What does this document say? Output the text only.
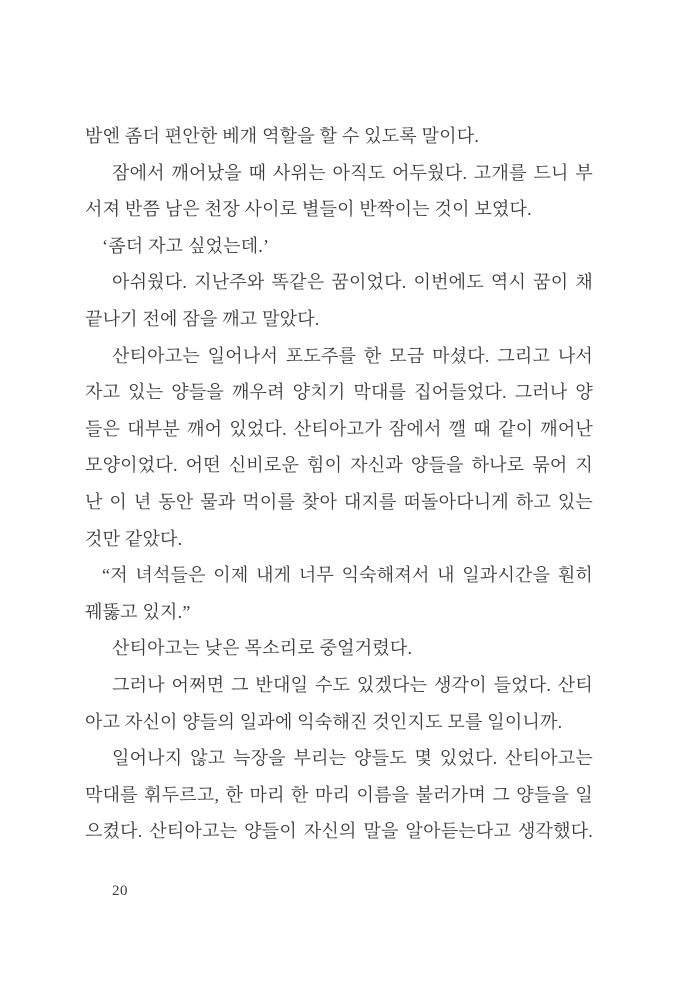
밤엔 좀더 편안한 베개 역할을 할 수 있도록 말이다.
잠에서 깨어났을 때 사위는 아직도 어두웠다. 고개를 드니 부
서져 반쯤 남은 천장 사이로 별들이 반짝이는 것이 보였다.
‘좀더 자고 싶었는데.’
아쉬웠다. 지난주와 똑같은 꿈이었다. 이번에도 역시 꿈이 채
끝나기 전에 잠을 깨고 말았다.
산티아고는 일어나서 포도주를 한 모금 마셨다. 그리고 나서
자고 있는 양들을 깨우려 양치기 막대를 집어들었다. 그러나 양
들은 대부분 깨어 있었다. 산티아고가 잠에서 깰 때 같이 깨어난
모양이었다. 어떤 신비로운 힘이 자신과 양들을 하나로 묶어 지
난 이 년 동안 물과 먹이를 찾아 대지를 떠돌아다니게 하고 있는
것만 같았다.
“저 녀석들은 이제 내게 너무 익숙해져서 내 일과시간을 훤히
꿰뚫고 있지.”
산티아고는 낮은 목소리로 중얼거렸다.
그러나 어쩌면 그 반대일 수도 있겠다는 생각이 들었다. 산티
아고 자신이 양들의 일과에 익숙해진 것인지도 모를 일이니까.
일어나지 않고 늑장을 부리는 양들도 몇 있었다. 산티아고는
막대를 휘두르고, 한 마리 한 마리 이름을 불러가며 그 양들을 일
으켰다. 산티아고는 양들이 자신의 말을 알아듣는다고 생각했다.
20
